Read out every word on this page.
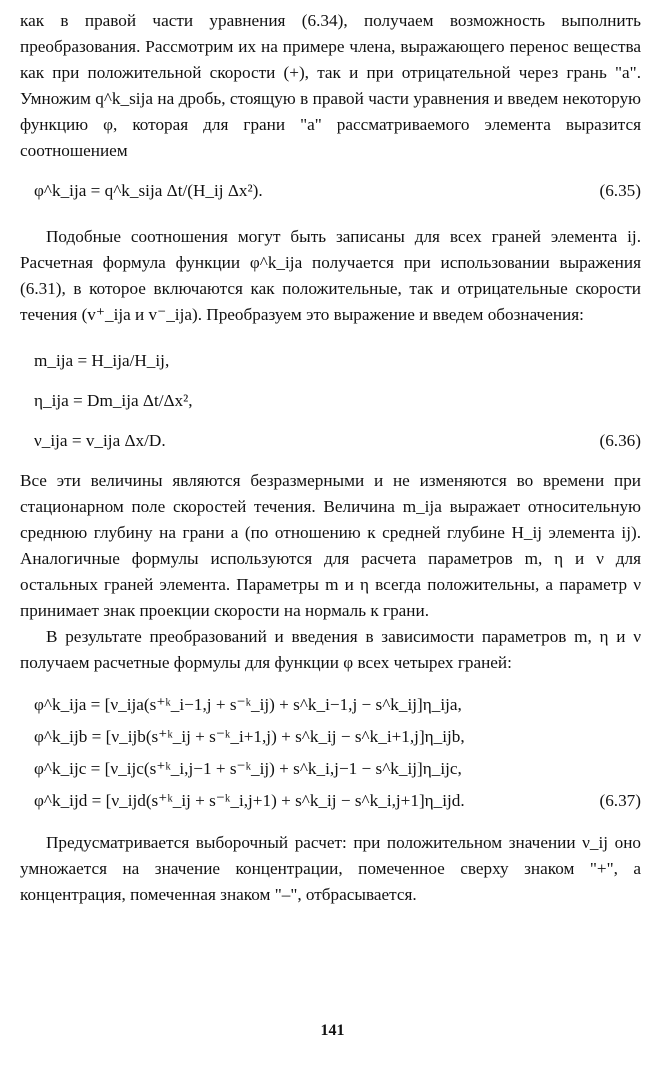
как в правой части уравнения (6.34), получаем возможность выполнить преобразования. Рассмотрим их на примере члена, выражающего перенос вещества как при положительной скорости (+), так и при отрицательной через грань "a". Умножим q^k_sija на дробь, стоящую в правой части уравнения и введем некоторую функцию φ, которая для грани "a" рассматриваемого элемента выразится соотношением

φ^k_ija = q^k_sija Δt/(H_ij Δx²).	(6.35)

Подобные соотношения могут быть записаны для всех граней элемента ij. Расчетная формула функции φ^k_ija получается при использовании выражения (6.31), в которое включаются как положительные, так и отрицательные скорости течения (v⁺_ija и v⁻_ija). Преобразуем это выражение и введем обозначения:

m_ija = H_ija/H_ij,
η_ija = Dm_ija Δt/Δx²,
ν_ija = v_ija Δx/D.	(6.36)

Все эти величины являются безразмерными и не изменяются во времени при стационарном поле скоростей течения. Величина m_ija выражает относительную среднюю глубину на грани a (по отношению к средней глубине H_ij элемента ij). Аналогичные формулы используются для расчета параметров m, η и ν для остальных граней элемента. Параметры m и η всегда положительны, а параметр ν принимает знак проекции скорости на нормаль к грани.

В результате преобразований и введения в зависимости параметров m, η и ν получаем расчетные формулы для функции φ всех четырех граней:

φ^k_ija = [ν_ija(s⁺ᵏ_i−1,j + s⁻ᵏ_ij) + s^k_i−1,j − s^k_ij]η_ija,
φ^k_ijb = [ν_ijb(s⁺ᵏ_ij + s⁻ᵏ_i+1,j) + s^k_ij − s^k_i+1,j]η_ijb,
φ^k_ijc = [ν_ijc(s⁺ᵏ_i,j−1 + s⁻ᵏ_ij) + s^k_i,j−1 − s^k_ij]η_ijc,
φ^k_ijd = [ν_ijd(s⁺ᵏ_ij + s⁻ᵏ_i,j+1) + s^k_ij − s^k_i,j+1]η_ijd.	(6.37)

Предусматривается выборочный расчет: при положительном значении ν_ij оно умножается на значение концентрации, помеченное сверху знаком "+", а концентрация, помеченная знаком "–", отбрасывается.

141
